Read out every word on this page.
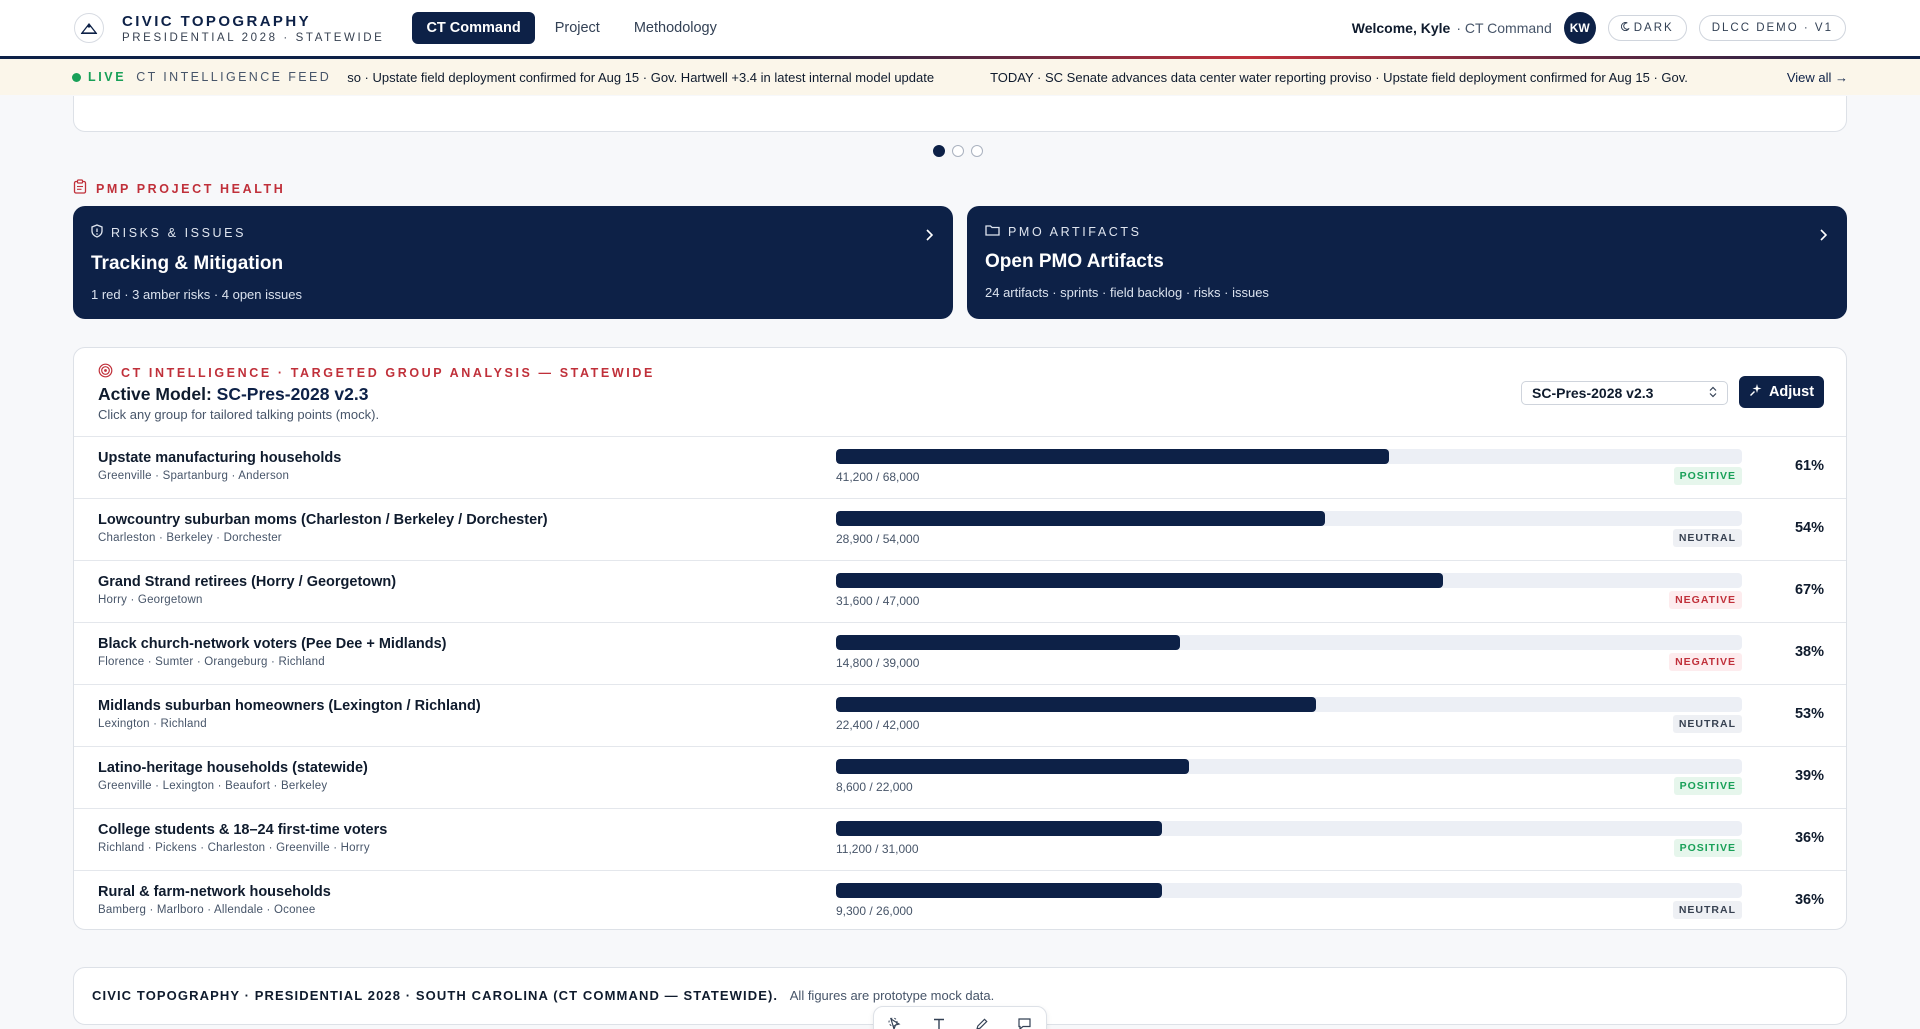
CIVIC TOPOGRAPHY
PRESIDENTIAL 2028 · STATEWIDE
CT Command	Project	Methodology	Welcome, Kyle · CT Command	KW	DARK	DLCC DEMO · V1
LIVE CT INTELLIGENCE FEED so · Upstate field deployment confirmed for Aug 15 · Gov. Hartwell +3.4 in latest internal model update	TODAY · SC Senate advances data center water reporting proviso · Upstate field deployment confirmed for Aug 15 · Gov.	View all →
PMP PROJECT HEALTH
RISKS & ISSUES
Tracking & Mitigation
1 red · 3 amber risks · 4 open issues
PMO ARTIFACTS
Open PMO Artifacts
24 artifacts · sprints · field backlog · risks · issues
CT INTELLIGENCE · TARGETED GROUP ANALYSIS — STATEWIDE
Active Model: SC-Pres-2028 v2.3
Click any group for tailored talking points (mock).
SC-Pres-2028 v2.3	Adjust
Upstate manufacturing households
Greenville · Spartanburg · Anderson	41,200 / 68,000	POSITIVE
61%
Lowcountry suburban moms (Charleston / Berkeley / Dorchester)
Charleston · Berkeley · Dorchester	28,900 / 54,000	NEUTRAL
54%
Grand Strand retirees (Horry / Georgetown)
Horry · Georgetown	31,600 / 47,000	NEGATIVE
67%
Black church-network voters (Pee Dee + Midlands)
Florence · Sumter · Orangeburg · Richland	14,800 / 39,000	NEGATIVE
38%
Midlands suburban homeowners (Lexington / Richland)
Lexington · Richland	22,400 / 42,000	NEUTRAL
53%
Latino-heritage households (statewide)
Greenville · Lexington · Beaufort · Berkeley	8,600 / 22,000	POSITIVE
39%
College students & 18–24 first-time voters
Richland · Pickens · Charleston · Greenville · Horry	11,200 / 31,000	POSITIVE
36%
Rural & farm-network households
Bamberg · Marlboro · Allendale · Oconee	9,300 / 26,000	NEUTRAL
36%
CIVIC TOPOGRAPHY · PRESIDENTIAL 2028 · SOUTH CAROLINA (CT COMMAND — STATEWIDE). All figures are prototype mock data.
